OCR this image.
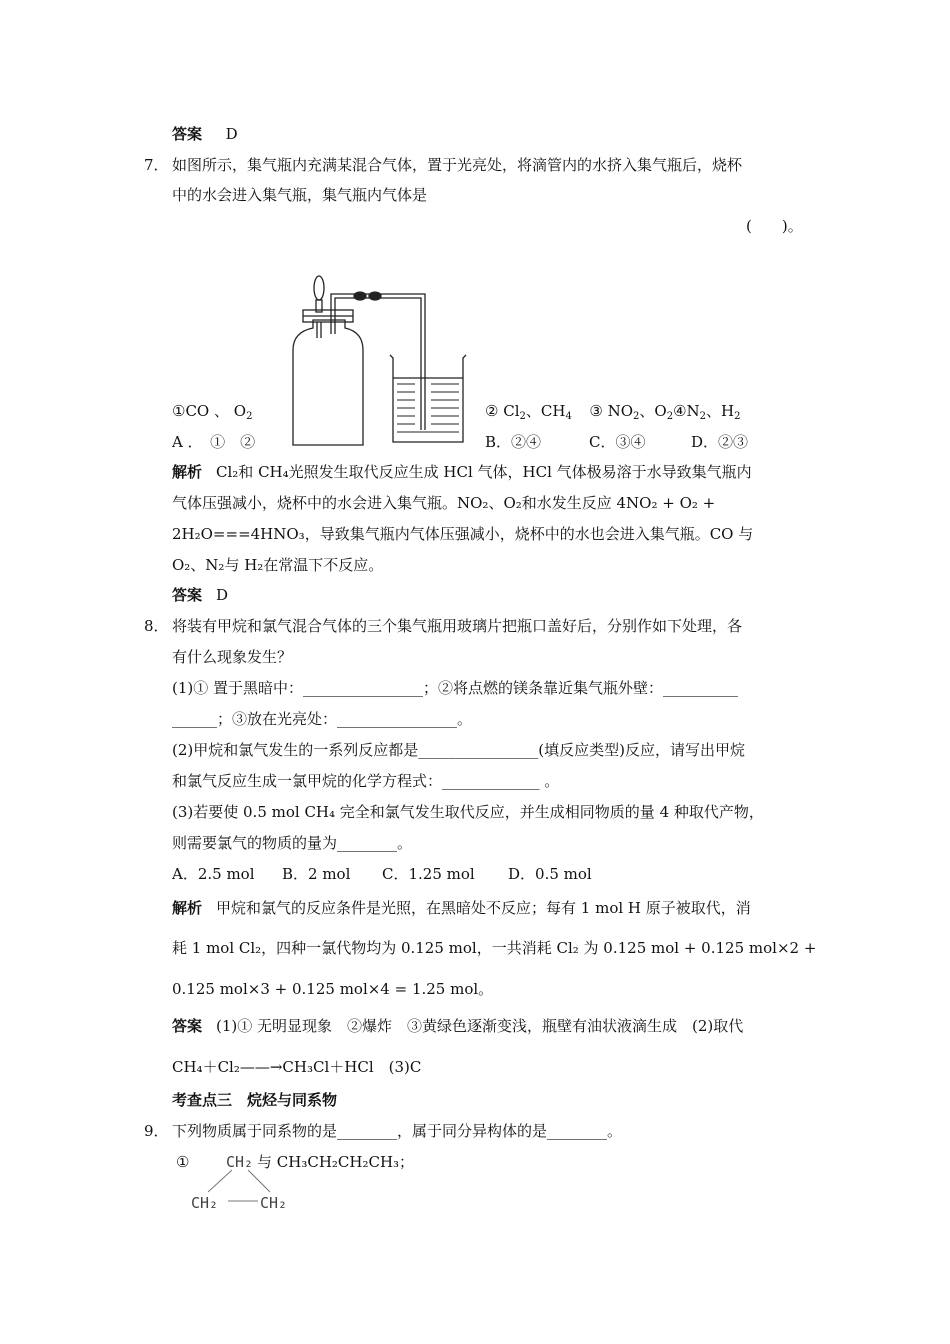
答案 D
7． 如图所示，集气瓶内充满某混合气体，置于光亮处，将滴管内的水挤入集气瓶后，烧杯
中的水会进入集气瓶，集气瓶内气体是
(　　)。
①CO 、 $O_2$	② $Cl_2$、$CH_4$ ③ $NO_2$、$O_2④N_2$、$H_2$
A ．　①　②	B．②④	C．③④	D．②③
解析 Cl₂和 CH₄光照发生取代反应生成 HCl 气体，HCl 气体极易溶于水导致集气瓶内
气体压强减小，烧杯中的水会进入集气瓶。NO₂、O₂和水发生反应 4NO₂ + O₂ +
2H₂O===4HNO₃，导致集气瓶内气体压强减小，烧杯中的水也会进入集气瓶。CO 与
O₂、N₂与 H₂在常温下不反应。
答案 D
8． 将装有甲烷和氯气混合气体的三个集气瓶用玻璃片把瓶口盖好后，分别作如下处理，各
有什么现象发生？
(1)① 置于黑暗中：________________；②将点燃的镁条靠近集气瓶外壁：__________
______；③放在光亮处：________________。
(2)甲烷和氯气发生的一系列反应都是________________(填反应类型)反应，请写出甲烷
和氯气反应生成一氯甲烷的化学方程式：_____________ 。
(3)若要使 0.5 mol CH₄ 完全和氯气发生取代反应，并生成相同物质的量 4 种取代产物，
则需要氯气的物质的量为________。
A．2.5 mol B．2 mol C．1.25 mol D．0.5 mol
解析 甲烷和氯气的反应条件是光照，在黑暗处不反应；每有 1 mol H 原子被取代，消
耗 1 mol Cl₂，四种一氯代物均为 0.125 mol，一共消耗 Cl₂ 为 0.125 mol + 0.125 mol×2 +
0.125 mol×3 + 0.125 mol×4 = 1.25 mol。
答案 (1)① 无明显现象　②爆炸　③黄绿色逐渐变浅，瓶壁有油状液滴生成　(2)取代
CH₄＋Cl₂——→CH₃Cl＋HCl　(3)C
考查点三　烷烃与同系物
9． 下列物质属于同系物的是________，属于同分异构体的是________。
① CH₂ 与 CH₃CH₂CH₂CH₃；
CH₂	CH₂
